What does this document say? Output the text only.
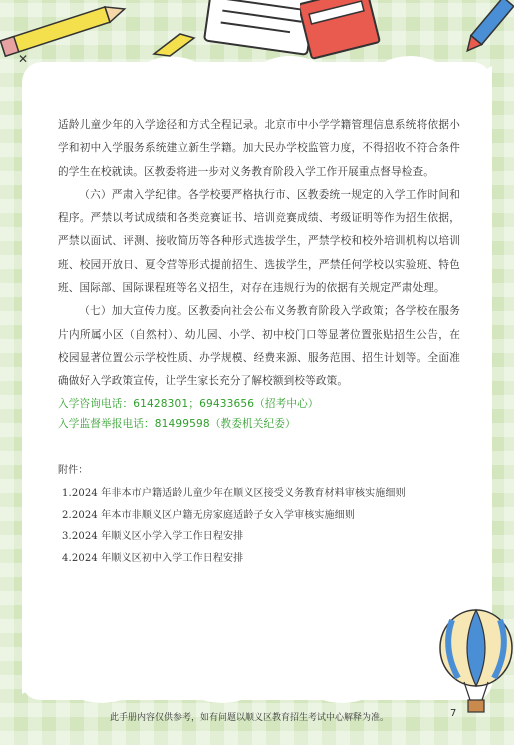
✕

适龄儿童少年的入学途径和方式全程记录。北京市中小学学籍管理信息系统将依据小学和初中入学服务系统建立新生学籍。加大民办学校监管力度，不得招收不符合条件的学生在校就读。区教委将进一步对义务教育阶段入学工作开展重点督导检查。

（六）严肃入学纪律。各学校要严格执行市、区教委统一规定的入学工作时间和程序。严禁以考试成绩和各类竞赛证书、培训竞赛成绩、考级证明等作为招生依据，严禁以面试、评测、接收简历等各种形式选拔学生，严禁学校和校外培训机构以培训班、校园开放日、夏令营等形式提前招生、选拔学生，严禁任何学校以实验班、特色班、国际部、国际课程班等名义招生，对存在违规行为的依据有关规定严肃处理。

（七）加大宣传力度。区教委向社会公布义务教育阶段入学政策；各学校在服务片内所属小区（自然村）、幼儿园、小学、初中校门口等显著位置张贴招生公告，在校园显著位置公示学校性质、办学规模、经费来源、服务范围、招生计划等。全面准确做好入学政策宣传，让学生家长充分了解校额到校等政策。

入学咨询电话：61428301；69433656（招考中心）

入学监督举报电话：81499598（教委机关纪委）

附件：
1.2024 年非本市户籍适龄儿童少年在顺义区接受义务教育材料审核实施细则
2.2024 年本市非顺义区户籍无房家庭适龄子女入学审核实施细则
3.2024 年顺义区小学入学工作日程安排
4.2024 年顺义区初中入学工作日程安排
此手册内容仅供参考，如有问题以顺义区教育招生考试中心解释为准。	7
